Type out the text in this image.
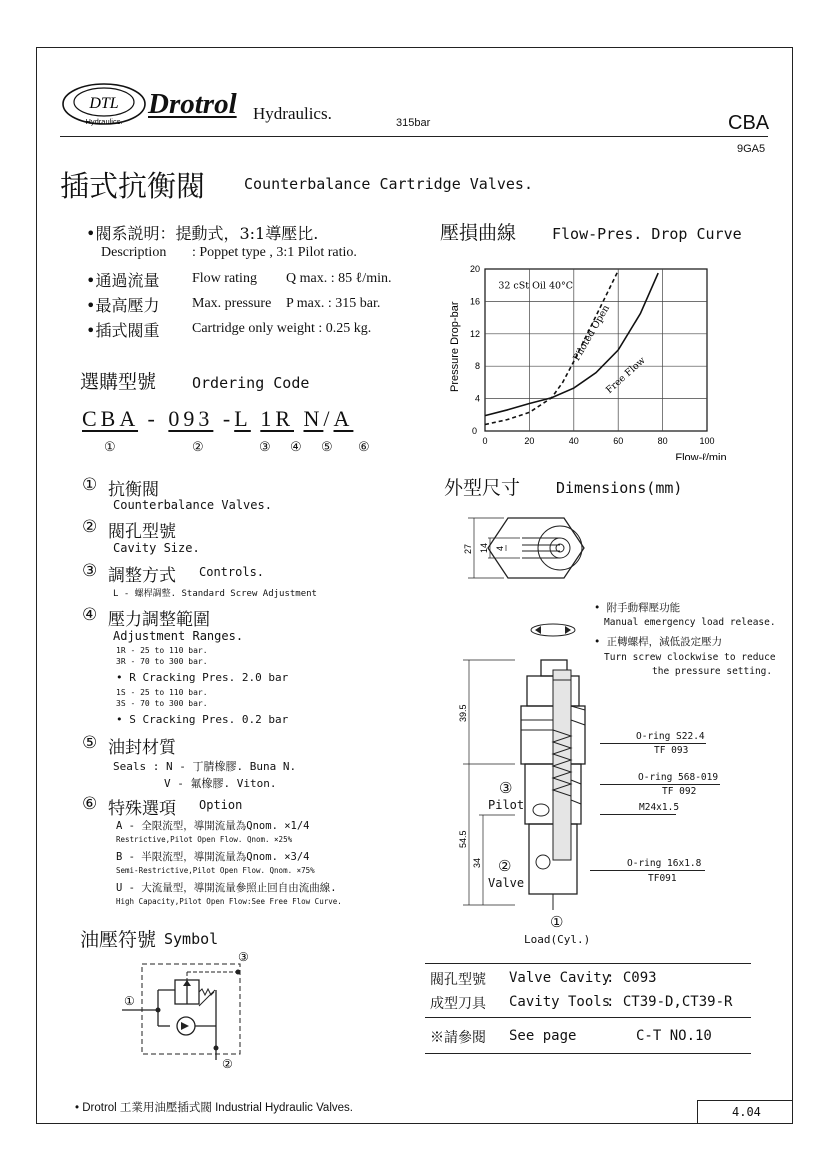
DTL
Hydraulics.
Drotrol Hydraulics.	315bar	CBA
9GA5
插式抗衡閥	Counterbalance Cartridge Valves.
•閥系説明：提動式，3:1導壓比.
Description : Poppet type , 3:1 Pilot ratio.
•通過流量 Flow rating Q max. : 85 ℓ/min.
•最高壓力 Max. pressure P max. : 315 bar.
•插式閥重 Cartridge only weight : 0.25 kg.
選購型號 Ordering Code
CBA - 093 -L 1R N/A
①	②	③ ④ ⑤ ⑥
① 抗衡閥
Counterbalance Valves.
② 閥孔型號
Cavity Size.
③ 調整方式 Controls.
L - 螺桿調整. Standard Screw Adjustment
④ 壓力調整範圍
Adjustment Ranges.
1R - 25 to 110 bar.
3R - 70 to 300 bar.
• R Cracking Pres. 2.0 bar
1S - 25 to 110 bar.
3S - 70 to 300 bar.
• S Cracking Pres. 0.2 bar
⑤ 油封材質
Seals : N - 丁腈橡膠. Buna N.
V - 氟橡膠. Viton.
⑥ 特殊選項 Option
A - 全限流型，導開流量為Qnom. ×1/4
Restrictive,Pilot Open Flow. Qnom. ×25%
B - 半限流型，導開流量為Qnom. ×3/4
Semi-Restrictive,Pilot Open Flow. Qnom. ×75%
U - 大流量型，導開流量參照止回自由流曲線.
High Capacity,Pilot Open Flow:See Free Flow Curve.
油壓符號 Symbol
③
①
②
壓損曲線 Flow-Pres. Drop Curve
0	20	40	60	80	100
4
8
12
16
20
0
Pressure Drop-bar
Flow-ℓ/min
32 cSt Oil 40°C
Free Flow
Piloted Open
外型尺寸 Dimensions(mm)
27 14 4
39.5
54.5
34
③
Pilot
②
Valve
①
Load(Cyl.)
• 附手動釋壓功能
Manual emergency load release.
• 正轉螺桿，減低設定壓力
Turn screw clockwise to reduce
the pressure setting.
O-ring S22.4
TF 093
O-ring 568-019
TF 092
M24x1.5
O-ring 16x1.8
TF091
閥孔型號 Valve Cavity
: C093
成型刀具 Cavity Tools
: CT39-D,CT39-R
※請參閱 See page	C-T NO.10
• Drotrol 工業用油壓插式閥 Industrial Hydraulic Valves.	4.04
